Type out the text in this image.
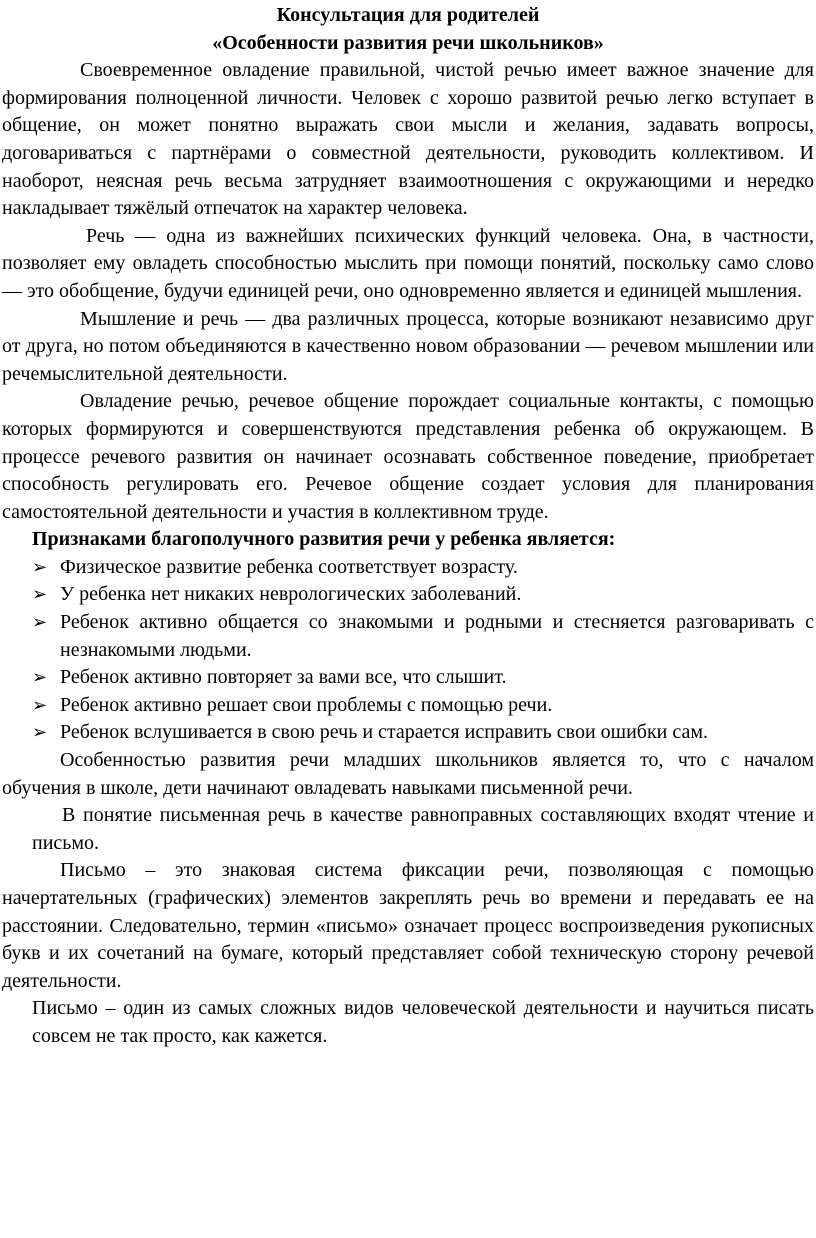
Консультация для родителей

«Особенности развития речи школьников»

Своевременное овладение правильной, чистой речью имеет важное значение для формирования полноценной личности. Человек с хорошо развитой речью легко вступает в общение, он может понятно выражать свои мысли и желания, задавать вопросы, договариваться с партнёрами о совместной деятельности, руководить коллективом. И наоборот, неясная речь весьма затрудняет взаимоотношения с окружающими и нередко накладывает тяжёлый отпечаток на характер человека.

Речь — одна из важнейших психических функций человека. Она, в частности, позволяет ему овладеть способностью мыслить при помощи понятий, поскольку само слово — это обобщение, будучи единицей речи, оно одновременно является и единицей мышления.

Мышление и речь — два различных процесса, которые возникают независимо друг от друга, но потом объединяются в качественно новом образовании — речевом мышлении или речемыслительной деятельности.

Овладение речью, речевое общение порождает социальные контакты, с помощью которых формируются и совершенствуются представления ребенка об окружающем. В процессе речевого развития он начинает осознавать собственное поведение, приобретает способность регулировать его. Речевое общение создает условия для планирования самостоятельной деятельности и участия в коллективном труде.

Признаками благополучного развития речи у ребенка является:

➢ Физическое развитие ребенка соответствует возрасту.
➢ У ребенка нет никаких неврологических заболеваний.
➢ Ребенок активно общается со знакомыми и родными и стесняется разговаривать с незнакомыми людьми.
➢ Ребенок активно повторяет за вами все, что слышит.
➢ Ребенок активно решает свои проблемы с помощью речи.
➢ Ребенок вслушивается в свою речь и старается исправить свои ошибки сам.

Особенностью развития речи младших школьников является то, что с началом обучения в школе, дети начинают овладевать навыками письменной речи.

В понятие письменная речь в качестве равноправных составляющих входят чтение и письмо.

Письмо – это знаковая система фиксации речи, позволяющая с помощью начертательных (графических) элементов закреплять речь во времени и передавать ее на расстоянии. Следовательно, термин «письмо» означает процесс воспроизведения рукописных букв и их сочетаний на бумаге, который представляет собой техническую сторону речевой деятельности.

Письмо – один из самых сложных видов человеческой деятельности и научиться писать совсем не так просто, как кажется.
